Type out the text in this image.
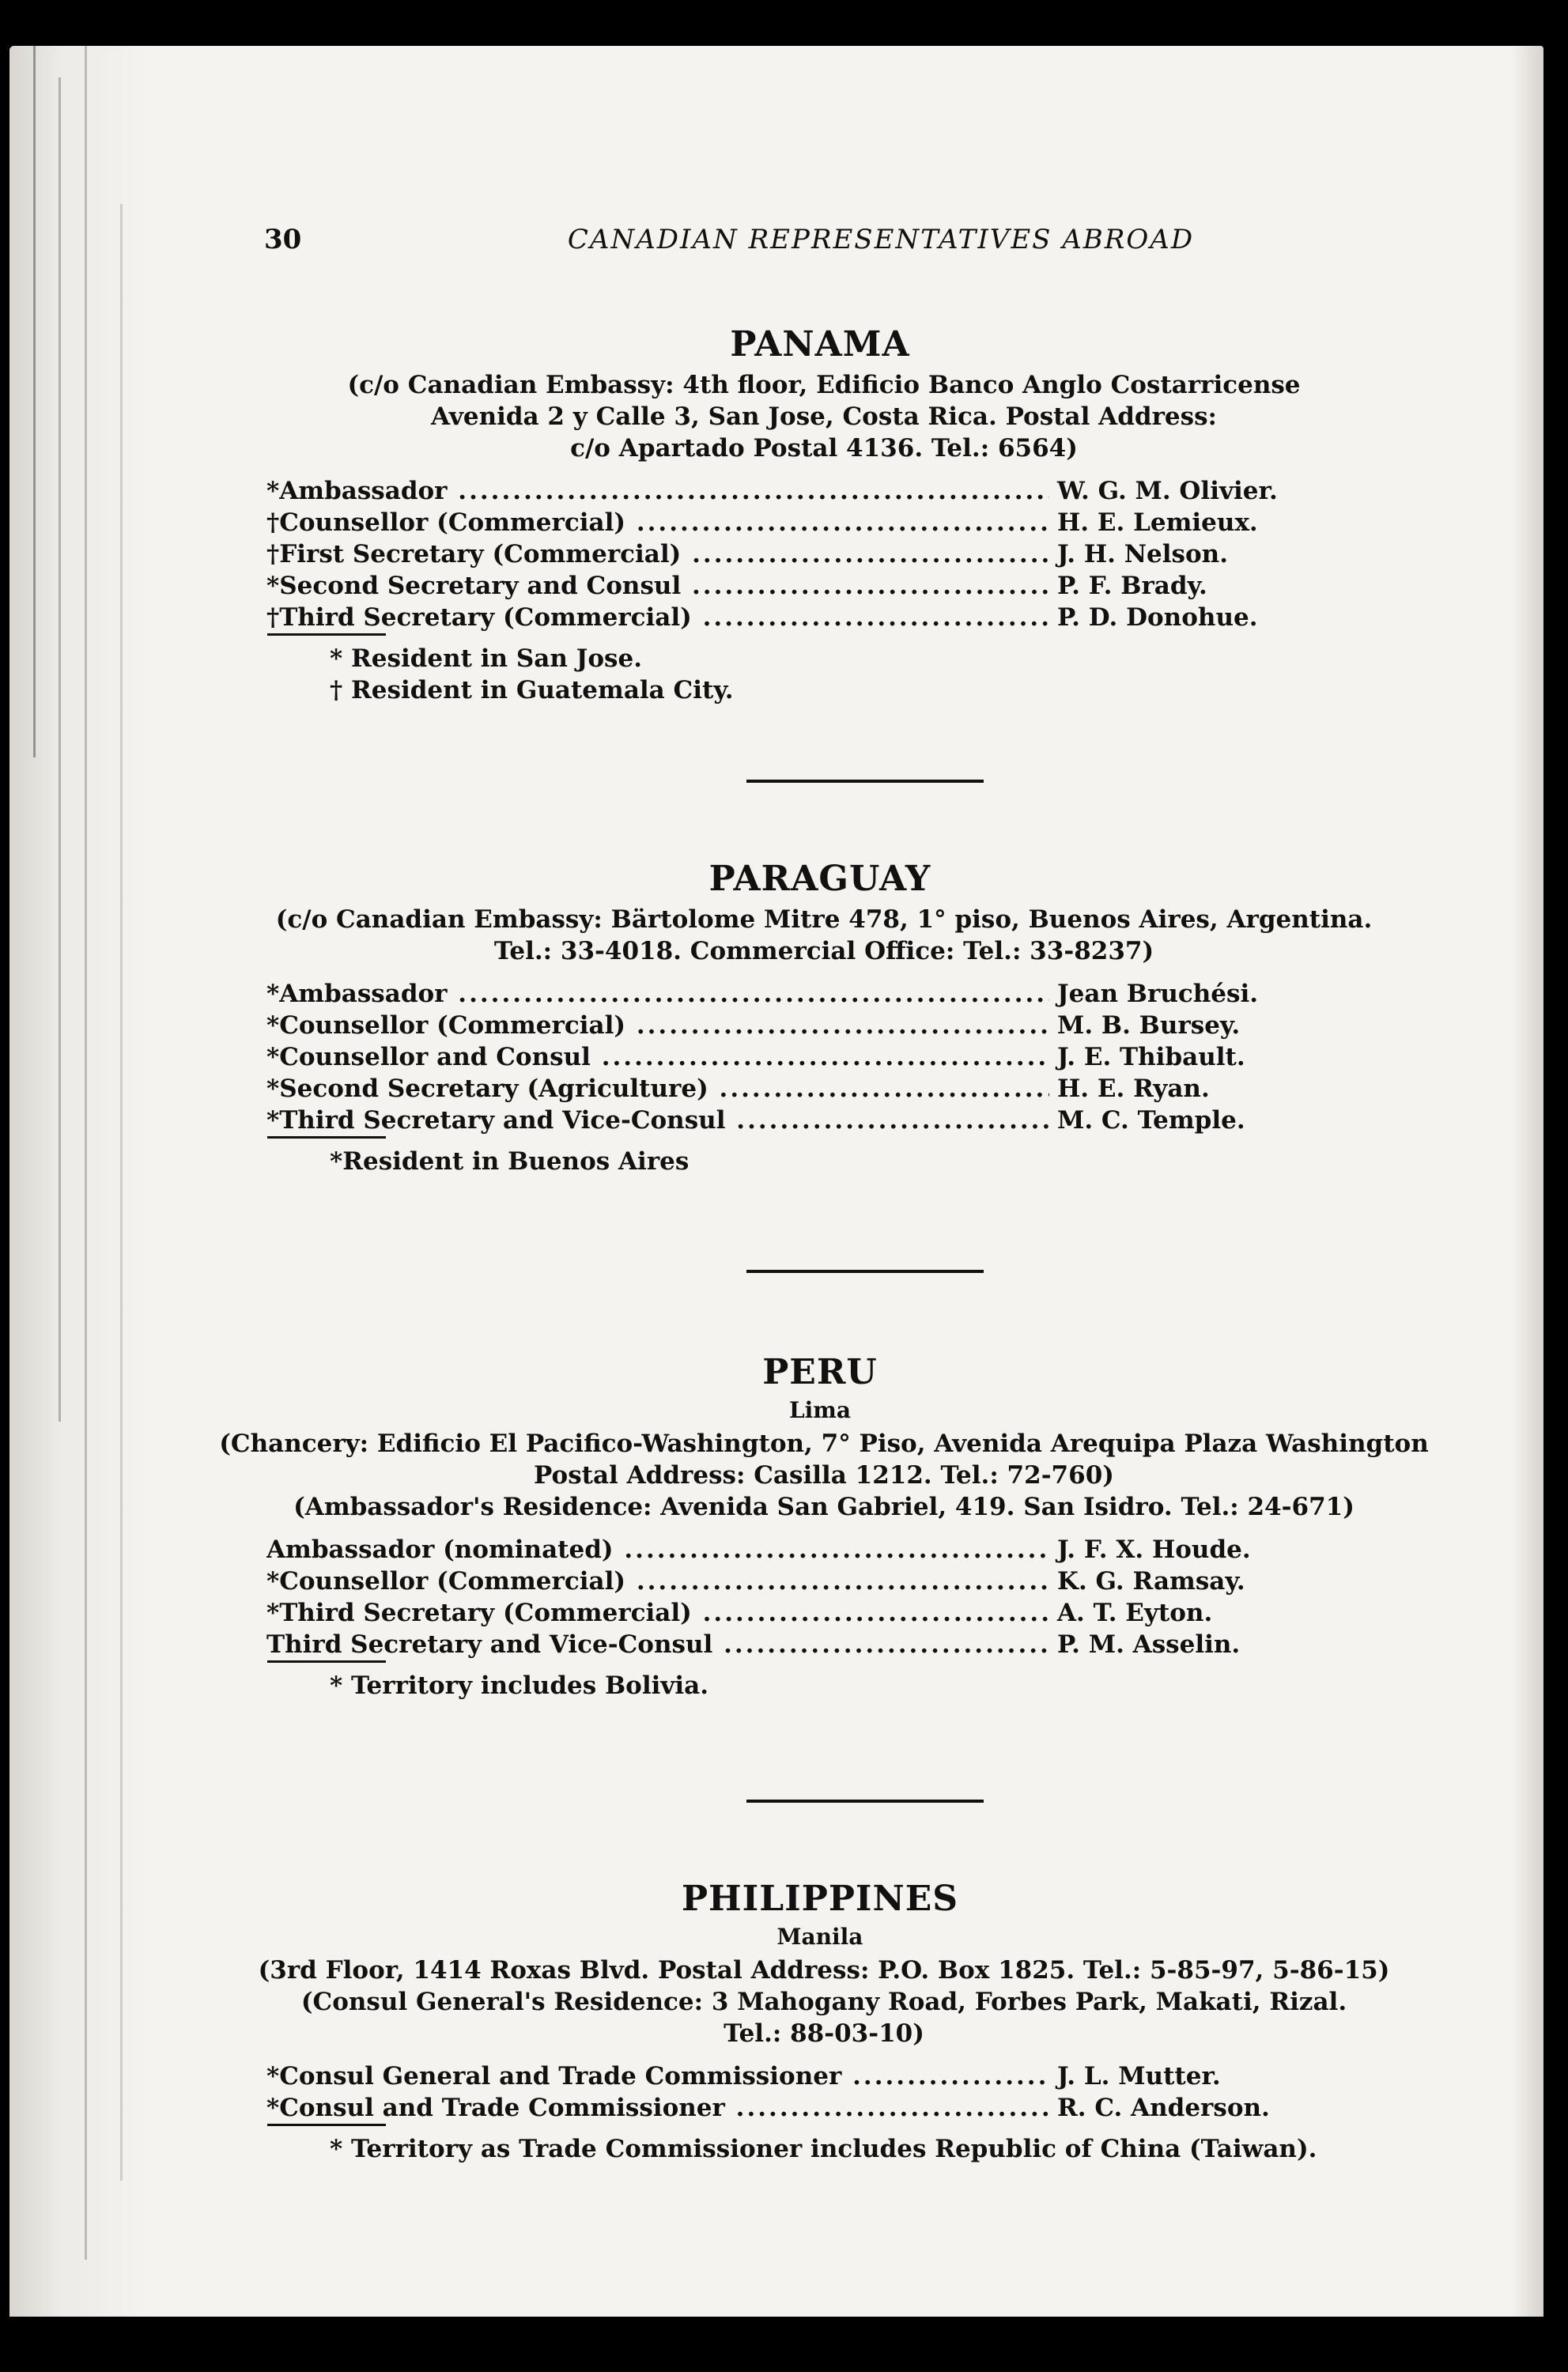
30	CANADIAN REPRESENTATIVES ABROAD
PANAMA
(c/o Canadian Embassy: 4th floor, Edificio Banco Anglo Costarricense
Avenida 2 y Calle 3, San Jose, Costa Rica. Postal Address:
c/o Apartado Postal 4136. Tel.: 6564)
*Ambassador .....	W. G. M. Olivier.
†Counsellor (Commercial) .....	H. E. Lemieux.
†First Secretary (Commercial) .....	J. H. Nelson.
*Second Secretary and Consul .....	P. F. Brady.
†Third Secretary (Commercial) .....	P. D. Donohue.
* Resident in San Jose.
† Resident in Guatemala City.
PARAGUAY
(c/o Canadian Embassy: Bärtolome Mitre 478, 1° piso, Buenos Aires, Argentina.
Tel.: 33-4018. Commercial Office: Tel.: 33-8237)
*Ambassador .....	Jean Bruchési.
*Counsellor (Commercial) .....	M. B. Bursey.
*Counsellor and Consul .....	J. E. Thibault.
*Second Secretary (Agriculture) .....	H. E. Ryan.
*Third Secretary and Vice-Consul .....	M. C. Temple.
*Resident in Buenos Aires
PERU
Lima
(Chancery: Edificio El Pacifico-Washington, 7° Piso, Avenida Arequipa Plaza Washington
Postal Address: Casilla 1212. Tel.: 72-760)
(Ambassador's Residence: Avenida San Gabriel, 419. San Isidro. Tel.: 24-671)
Ambassador (nominated) .....	J. F. X. Houde.
*Counsellor (Commercial) .....	K. G. Ramsay.
*Third Secretary (Commercial) .....	A. T. Eyton.
Third Secretary and Vice-Consul .....	P. M. Asselin.
* Territory includes Bolivia.
PHILIPPINES
Manila
(3rd Floor, 1414 Roxas Blvd. Postal Address: P.O. Box 1825. Tel.: 5-85-97, 5-86-15)
(Consul General's Residence: 3 Mahogany Road, Forbes Park, Makati, Rizal.
Tel.: 88-03-10)
*Consul General and Trade Commissioner .....	J. L. Mutter.
*Consul and Trade Commissioner .....	R. C. Anderson.
* Territory as Trade Commissioner includes Republic of China (Taiwan).
